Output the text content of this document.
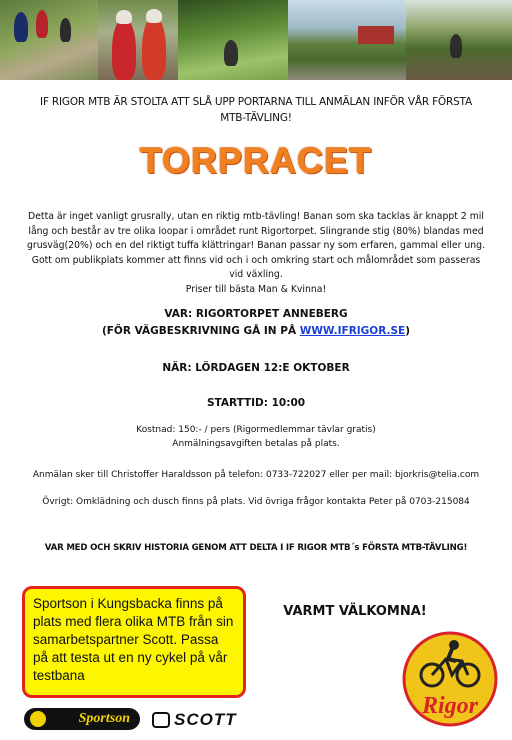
IF RIGOR MTB ÄR STOLTA ATT SLÅ UPP PORTARNA TILL ANMÄLAN INFÖR VÅR FÖRSTA MTB-TÄVLING!
TORPRACET
Detta är inget vanligt grusrally, utan en riktig mtb-tävling! Banan som ska tacklas är knappt 2 mil lång och består av tre olika loopar i området runt Rigortorpet. Slingrande stig (80%) blandas med grusväg(20%) och en del riktigt tuffa klättringar! Banan passar ny som erfaren, gammal eller ung.
Gott om publikplats kommer att finns vid och i och omkring start och målområdet som passeras vid växling.
Priser till bästa Man & Kvinna!
VAR: RIGORTORPET ANNEBERG
(FÖR VÄGBESKRIVNING GÅ IN PÅ WWW.IFRIGOR.SE)
NÄR: LÖRDAGEN 12:E OKTOBER
STARTTID: 10:00
Kostnad: 150:- / pers (Rigormedlemmar tävlar gratis)
Anmälningsavgiften betalas på plats.
Anmälan sker till Christoffer Haraldsson på telefon: 0733-722027 eller per mail: bjorkris@telia.com
Övrigt: Omklädning och dusch finns på plats. Vid övriga frågor kontakta Peter på 0703-215084
VAR MED OCH SKRIV HISTORIA GENOM ATT DELTA I IF RIGOR MTB´s FÖRSTA MTB-TÄVLING!
Sportson i Kungsbacka finns på plats med flera olika MTB från sin samarbetspartner Scott. Passa på att testa ut en ny cykel på vår testbana
VARMT VÄLKOMNA!
Sportson	SCOTT
Rigor
